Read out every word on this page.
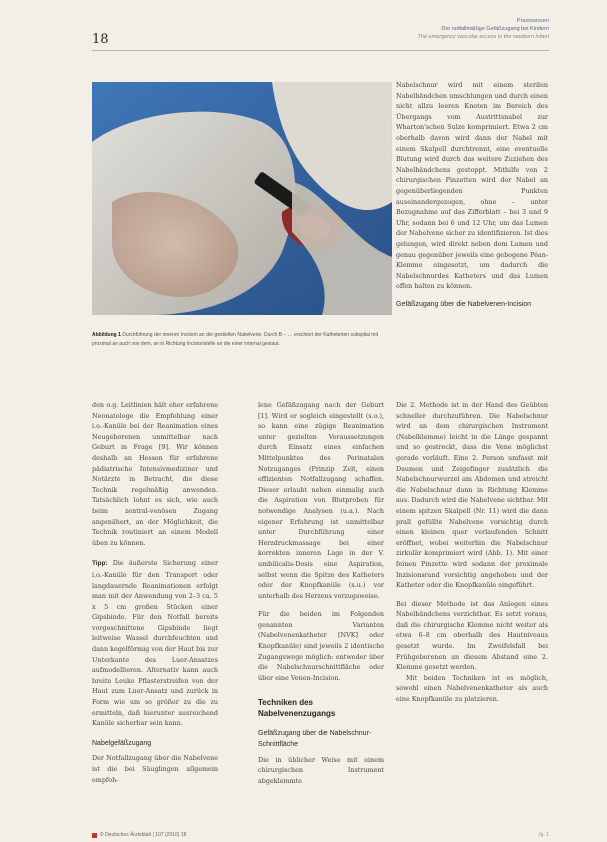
18
Praxiswissen
Der notfallmäßige Gefäßzugang bei Kindern
The emergency vascular access in the newborn infant
Foto: Dr. Stina Köttl
Abbildung 1 Durchführung der inneren Incision an der gestielten Nabelvene. Durch B – … erschiert der Katheterten subsplial mit proximal an auch von dem, an in Richtung Incisionstelle an die einer internal gestaut.

Nabelschnur wird mit einem sterilen Nabelbändchen umschlungen und durch einen nicht allzu leeren Knoten im Bereich des Übergangs vom Austrittsnabel zur Wharton'schen Sulze komprimiert. Etwa 2 cm oberhalb davon wird dann der Nabel mit einem Skalpell durchtrennt, eine eventuelle Blutung wird durch das weitere Zuziehen des Nabelbändchens gestoppt. Mithilfe von 2 chirurgischen Pinzetten wird der Nabel an gegenüberliegenden Punkten auseinandergezogen, ohne – unter Bezugnahme auf das Zifferblatt – bei 3 und 9 Uhr, sodann bei 6 und 12 Uhr, um das Lumen der Nabelvene sicher zu identifizieren. Ist dies gelungen, wird direkt neben dem Lumen und genau gegenüber jeweils eine gebogene Péan-Klemme eingesetzt, um dadurch die Nabelschnurdes Katheters und das Lumen offen halten zu können.

Gefäßzugang über die Nabelvenen-Incision

den o.g. Leitlinien hält eher erfahrene Neonatologe die Empfehlung einer i.o.-Kanüle bei der Reanimation eines Neugeborenen unmittelbar nach Geburt in Frage [9]. Wir können deshalb an Hessen für erfahrene pädiatrische Intensivmediziner und Notärzte in Betracht, die diese Technik regelmäßig anwenden. Tatsächlich lohnt es sich, wie auch beim zentral-venösen Zugang angenähert, an der Möglichkeit, die Technik routiniert an einem Modell üben zu können.

Tipp: Die äußerste Sicherung einer i.o.-Kanüle für den Transport oder langdauernde Reanimationen erfolgt man mit der Anwendung von 2–3 ca. 5 x 5 cm großen Stücken einer Gipsbinde. Für den Notfall bereits vorgeschnittene Gipsbinde liegt leitweise Wassel durchfeuchten und dann kegelförmig von der Haut bis zur Unterkante des Luer-Ansatzes aufmodellieren. Alternativ kann auch breite Leuke Pflasterstreifen von der Haut zum Luer-Ansatz und zurück in Form wie um so größer zu die zu ermitteln, daß hierunter ausreichend Kanüle sicherbar sein kann.

Nabelgefäßzugang

Der Notfallzugang über die Nabelvene ist die bei Säuglingen allgemein empfoh-

lene Gefäßzugang nach der Geburt [1]. Wird er sogleich eingestellt (s.o.), so kann eine zügige Reanimation unter gezielten Voraussetzungen durch Einsatz eines einfachen Mittelpunktes des Perinatalen Notzuganges (Prinzip Zelt, einen effizienten Notfallzugang schaffen. Dieser erlaubt neben einmalig auch die Aspiration von Blutproben für notwendige Analysen (u.a.). Nach eigener Erfahrung ist unmittelbar unter Durchführung einer Herzdruckmassage bei einer korrekten inneren Lage in der V. umbilicalis-Dosis eine Aspiration, selbst wenn die Spitze des Katheters oder der Knopfkanüle (s.u.) vor unterhalb des Herzens vorzugsweise.

Für die beiden im Folgenden genannten Varianten (Nabelvenenkatheter [NVK] oder Knopfkanüle) sind jeweils 2 identische Zugangswege möglich: entweder über die Nabelschnurschnittfläche oder über eine Venen-Incision.

Techniken des Nabelvenenzugangs
Gefäßzugang über die Nabelschnur-Schnittfläche

Die in üblicher Weise mit einem chirurgischen Instrument abgeklemmte

Die 2. Methode ist in der Hand des Geübten schneller durchzuführen. Die Nabelschnur wird an dem chirurgischen Instrument (Nabelklemme) leicht in die Länge gespannt und so gestreckt, dass die Vene möglichst gerade verläuft. Eine 2. Person umfasst mit Daumen und Zeigefinger zusätzlich die Nabelschnurwurzel am Abdomen und streicht die Nabelschnur dann in Richtung Klemme aus. Dadurch wird die Nabelvene sichtbar. Mit einem spitzen Skalpell (Nr. 11) wird die dann prall gefüllte Nabelvene vorsichtig durch einen kleinen quer verlaufenden Schnitt eröffnet, wobei weiterhin die Nabelschnur zirkulär komprimiert wird (Abb. 1). Mit einer feinen Pinzette wird sodann der proximale Inzisionsrand vorsichtig angehoben und der Katheter oder die Knopfkanüle eingeführt.

Bei dieser Methode ist das Anlegen eines Nabelbändchens verzichtbar. Es setzt voraus, daß die chirurgische Klemme nicht weiter als etwa 6–8 cm oberhalb des Hautniveaus gesetzt wurde. Im Zweifelsfall bei Frühgeborenen an diesem Abstand eine 2. Klemme gesetzt werden.

Mit beiden Techniken ist es möglich, sowohl einen Nabelvenenkatheter als auch eine Knopfkanüle zu platzieren.

© Deutsches Ärzteblatt | 107 (2010) 18	Jg. 1
